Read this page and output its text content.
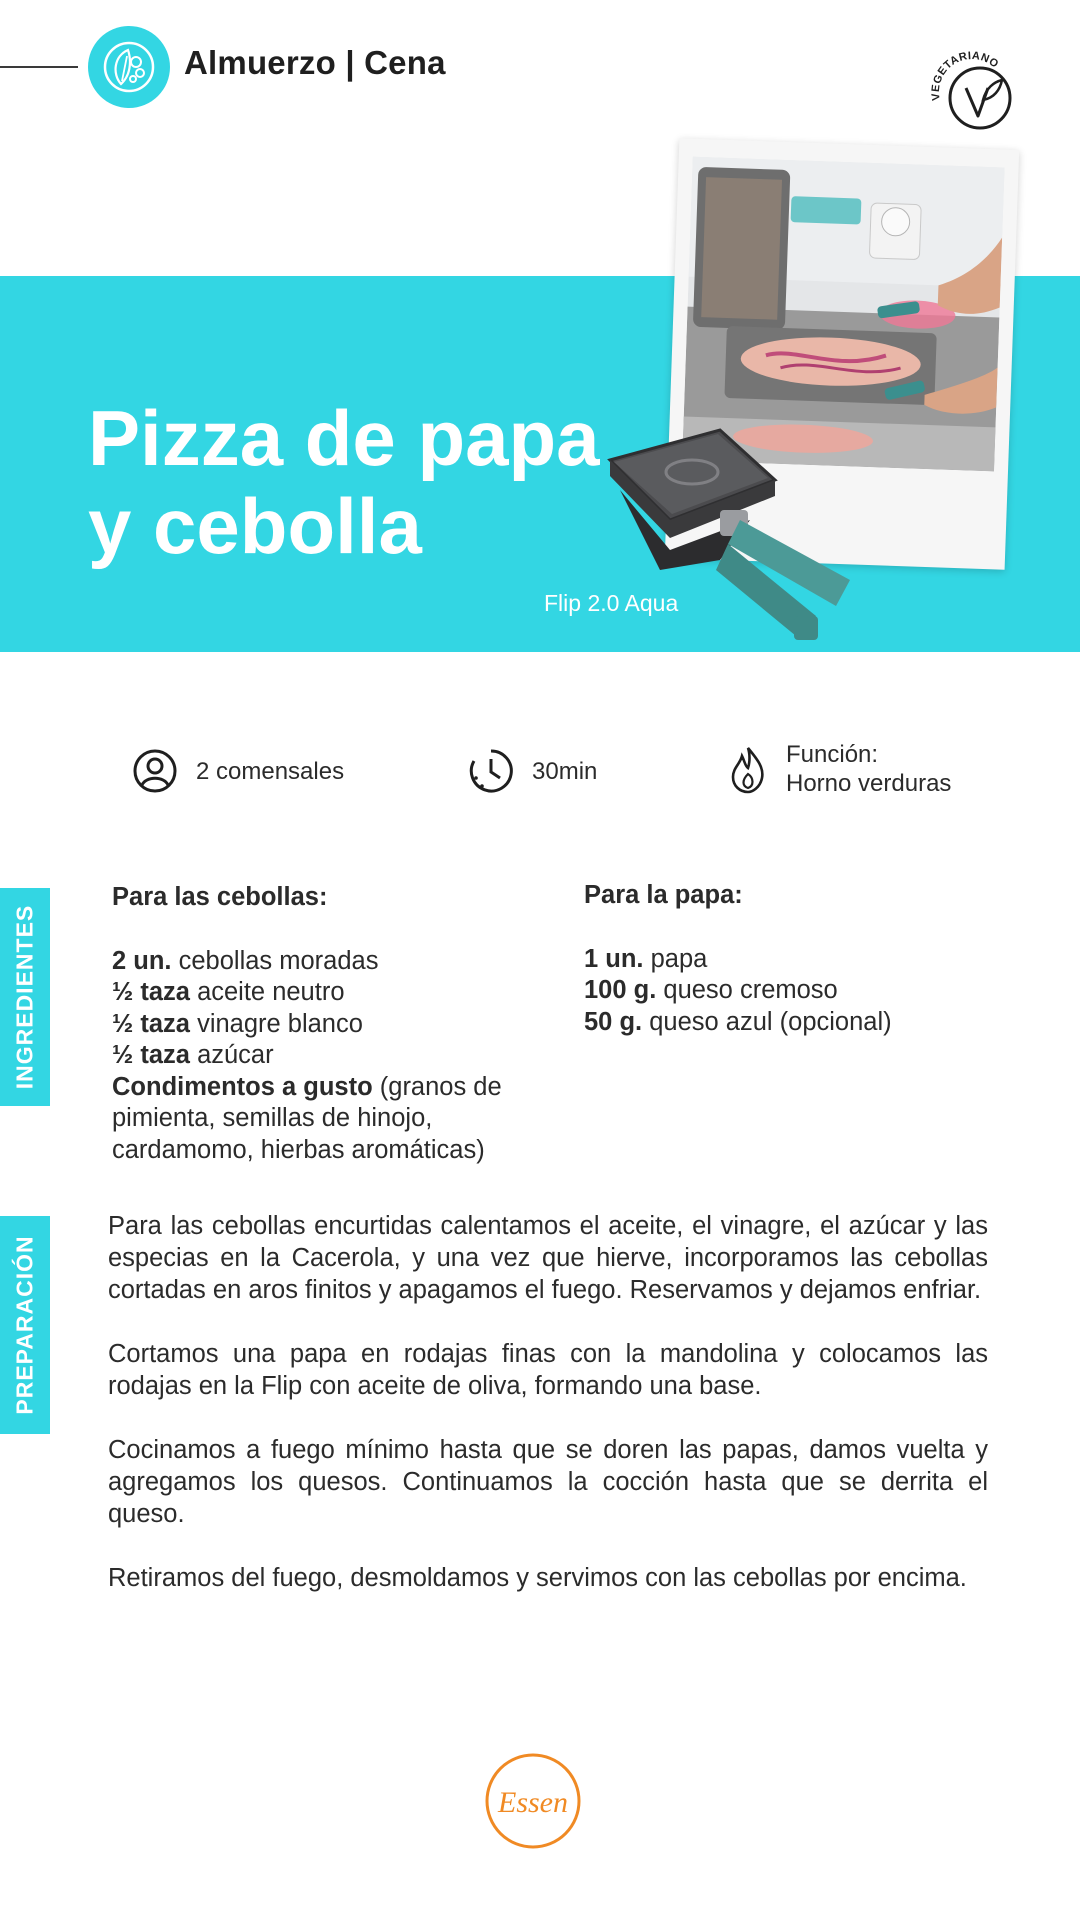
Almuerzo | Cena
VEGETARIANO
Pizza de papa y cebolla
Flip 2.0 Aqua
2 comensales	30min
Función:
Horno verduras
INGREDIENTES
PREPARACIÓN
Para las cebollas:
2 un. cebollas moradas
½ taza aceite neutro
½ taza vinagre blanco
½ taza azúcar
Condimentos a gusto (granos de pimienta, semillas de hinojo, cardamomo, hierbas aromáticas)
Para la papa:
1 un. papa
100 g. queso cremoso
50 g. queso azul (opcional)

Para las cebollas encurtidas calentamos el aceite, el vinagre, el azúcar y las especias en la Cacerola, y una vez que hierve, incorporamos las cebollas cortadas en aros finitos y apagamos el fuego. Reservamos y dejamos enfriar.

Cortamos una papa en rodajas finas con la mandolina y colocamos las rodajas en la Flip con aceite de oliva, formando una base.

Cocinamos a fuego mínimo hasta que se doren las papas, damos vuelta y agregamos los quesos. Continuamos la cocción hasta que se derrita el queso.

Retiramos del fuego, desmoldamos y servimos con las cebollas por encima.

Essen
